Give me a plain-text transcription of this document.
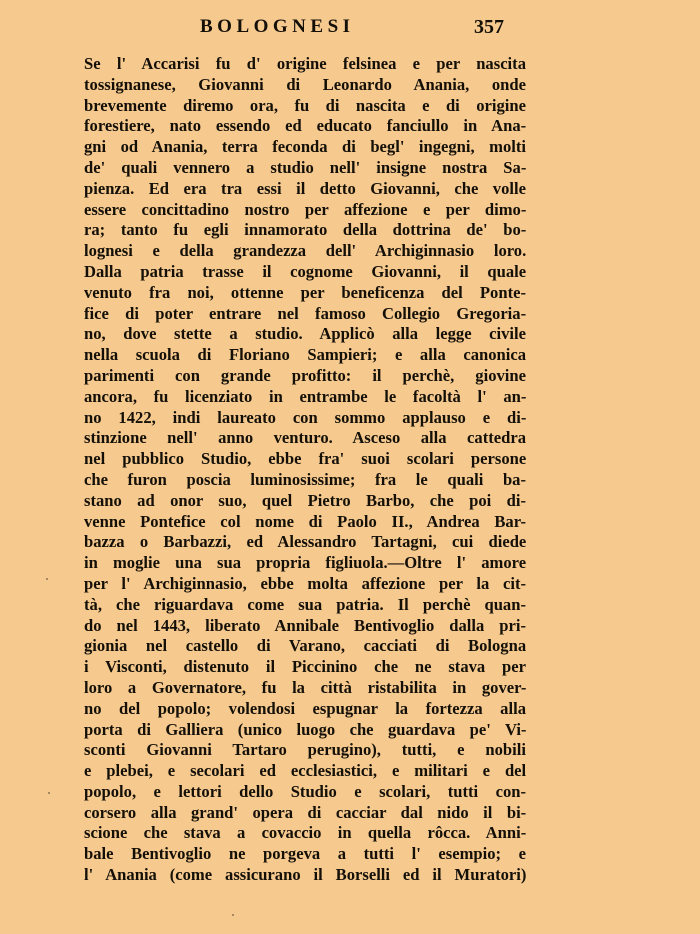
BOLOGNESI	357
Se l' Accarisi fu d' origine felsinea e per nascita
tossignanese, Giovanni di Leonardo Anania, onde
brevemente diremo ora, fu di nascita e di origine
forestiere, nato essendo ed educato fanciullo in Ana-
gni od Anania, terra feconda di begl' ingegni, molti
de' quali vennero a studio nell' insigne nostra Sa-
pienza. Ed era tra essi il detto Giovanni, che volle
essere concittadino nostro per affezione e per dimo-
ra; tanto fu egli innamorato della dottrina de' bo-
lognesi e della grandezza dell' Archiginnasio loro.
Dalla patria trasse il cognome Giovanni, il quale
venuto fra noi, ottenne per beneficenza del Ponte-
fice di poter entrare nel famoso Collegio Gregoria-
no, dove stette a studio. Applicò alla legge civile
nella scuola di Floriano Sampieri; e alla canonica
parimenti con grande profitto: il perchè, giovine
ancora, fu licenziato in entrambe le facoltà l' an-
no 1422, indi laureato con sommo applauso e di-
stinzione nell' anno venturo. Asceso alla cattedra
nel pubblico Studio, ebbe fra' suoi scolari persone
che furon poscia luminosissime; fra le quali ba-
stano ad onor suo, quel Pietro Barbo, che poi di-
venne Pontefice col nome di Paolo II., Andrea Bar-
bazza o Barbazzi, ed Alessandro Tartagni, cui diede
in moglie una sua propria figliuola.—Oltre l' amore
per l' Archiginnasio, ebbe molta affezione per la cit-
tà, che riguardava come sua patria. Il perchè quan-
do nel 1443, liberato Annibale Bentivoglio dalla pri-
gionia nel castello di Varano, cacciati di Bologna
i Visconti, distenuto il Piccinino che ne stava per
loro a Governatore, fu la città ristabilita in gover-
no del popolo; volendosi espugnar la fortezza alla
porta di Galliera (unico luogo che guardava pe' Vi-
sconti Giovanni Tartaro perugino), tutti, e nobili
e plebei, e secolari ed ecclesiastici, e militari e del
popolo, e lettori dello Studio e scolari, tutti con-
corsero alla grand' opera di cacciar dal nido il bi-
scione che stava a covaccio in quella rôcca. Anni-
bale Bentivoglio ne porgeva a tutti l' esempio; e
l' Anania (come assicurano il Borselli ed il Muratori)
